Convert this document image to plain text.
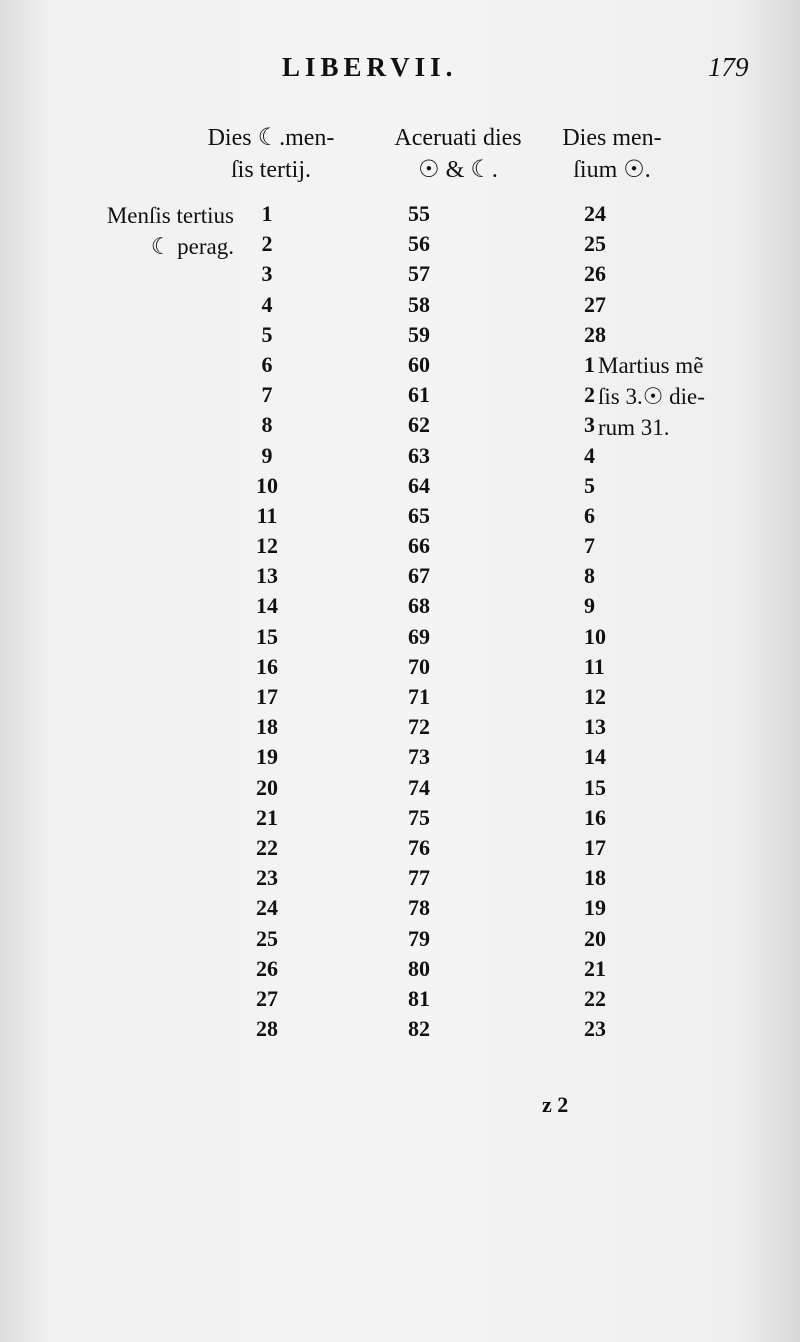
LIBERVII.	179
Dies ☾.men-
ſis tertij.
Aceruati dies
☉ & ☾.
Dies men-
ſium ☉.
Menſis tertius
☾ perag.
Martius mẽ
ſis 3.☉ die-
rum 31.
1
2
3
4
5
6
7
8
9
10
11
12
13
14
15
16
17
18
19
20
21
22
23
24
25
26
27
28
55
56
57
58
59
60
61
62
63
64
65
66
67
68
69
70
71
72
73
74
75
76
77
78
79
80
81
82
24
25
26
27
28
1
2
3
4
5
6
7
8
9
10
11
12
13
14
15
16
17
18
19
20
21
22
23
z 2
